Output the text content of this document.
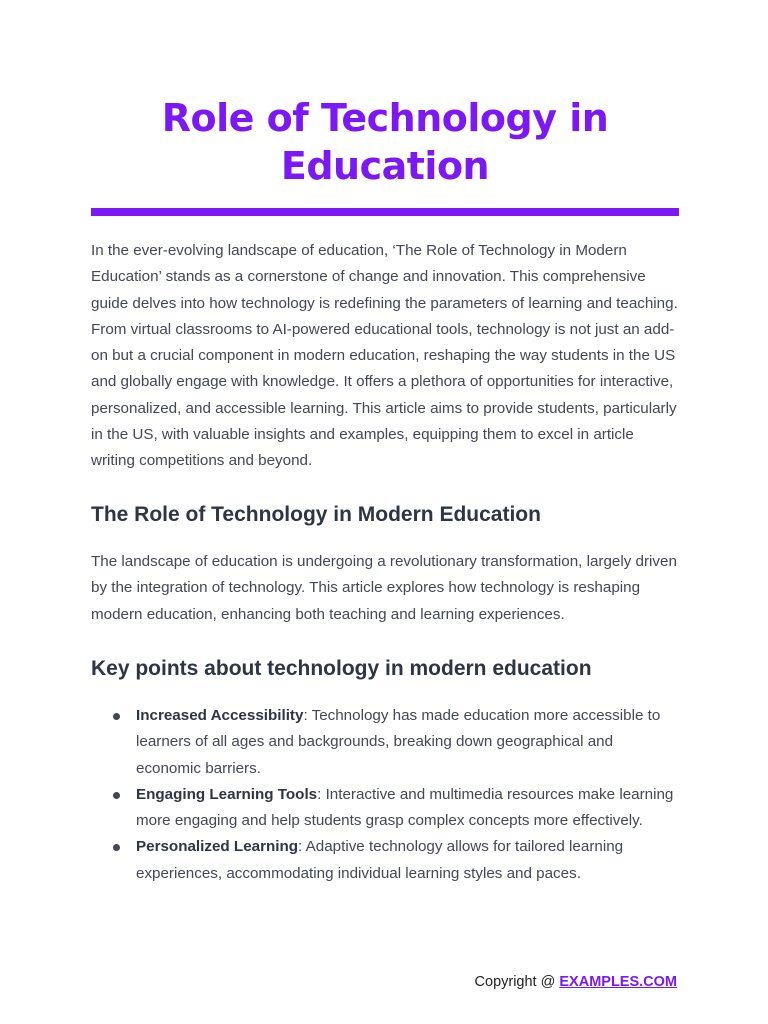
Role of Technology in Education

In the ever-evolving landscape of education, ‘The Role of Technology in Modern Education’ stands as a cornerstone of change and innovation. This comprehensive guide delves into how technology is redefining the parameters of learning and teaching. From virtual classrooms to AI-powered educational tools, technology is not just an add-on but a crucial component in modern education, reshaping the way students in the US and globally engage with knowledge. It offers a plethora of opportunities for interactive, personalized, and accessible learning. This article aims to provide students, particularly in the US, with valuable insights and examples, equipping them to excel in article writing competitions and beyond.

The Role of Technology in Modern Education

The landscape of education is undergoing a revolutionary transformation, largely driven by the integration of technology. This article explores how technology is reshaping modern education, enhancing both teaching and learning experiences.

Key points about technology in modern education
Increased Accessibility: Technology has made education more accessible to learners of all ages and backgrounds, breaking down geographical and economic barriers.
Engaging Learning Tools: Interactive and multimedia resources make learning more engaging and help students grasp complex concepts more effectively.
Personalized Learning: Adaptive technology allows for tailored learning experiences, accommodating individual learning styles and paces.
Copyright @ EXAMPLES.COM
